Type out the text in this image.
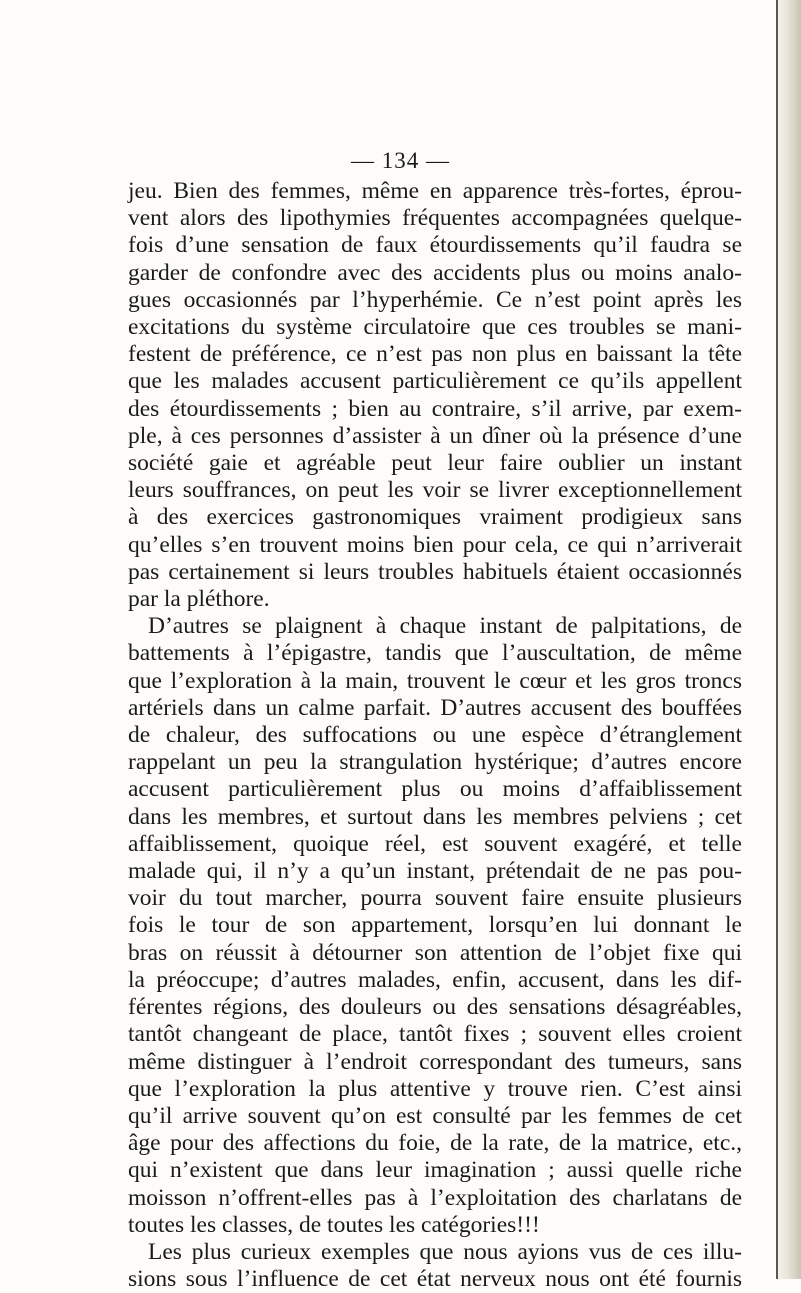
— 134 —

jeu. Bien des femmes, même en apparence très-fortes, éprou-

vent alors des lipothymies fréquentes accompagnées quelque-

fois d’une sensation de faux étourdissements qu’il faudra se

garder de confondre avec des accidents plus ou moins analo-

gues occasionnés par l’hyperhémie. Ce n’est point après les

excitations du système circulatoire que ces troubles se mani-

festent de préférence, ce n’est pas non plus en baissant la tête

que les malades accusent particulièrement ce qu’ils appellent

des étourdissements ; bien au contraire, s’il arrive, par exem-

ple, à ces personnes d’assister à un dîner où la présence d’une

société gaie et agréable peut leur faire oublier un instant

leurs souffrances, on peut les voir se livrer exceptionnellement

à des exercices gastronomiques vraiment prodigieux sans

qu’elles s’en trouvent moins bien pour cela, ce qui n’arriverait

pas certainement si leurs troubles habituels étaient occasionnés

par la pléthore.

D’autres se plaignent à chaque instant de palpitations, de

battements à l’épigastre, tandis que l’auscultation, de même

que l’exploration à la main, trouvent le cœur et les gros troncs

artériels dans un calme parfait. D’autres accusent des bouffées

de chaleur, des suffocations ou une espèce d’étranglement

rappelant un peu la strangulation hystérique; d’autres encore

accusent particulièrement plus ou moins d’affaiblissement

dans les membres, et surtout dans les membres pelviens ; cet

affaiblissement, quoique réel, est souvent exagéré, et telle

malade qui, il n’y a qu’un instant, prétendait de ne pas pou-

voir du tout marcher, pourra souvent faire ensuite plusieurs

fois le tour de son appartement, lorsqu’en lui donnant le

bras on réussit à détourner son attention de l’objet fixe qui

la préoccupe; d’autres malades, enfin, accusent, dans les dif-

férentes régions, des douleurs ou des sensations désagréables,

tantôt changeant de place, tantôt fixes ; souvent elles croient

même distinguer à l’endroit correspondant des tumeurs, sans

que l’exploration la plus attentive y trouve rien. C’est ainsi

qu’il arrive souvent qu’on est consulté par les femmes de cet

âge pour des affections du foie, de la rate, de la matrice, etc.,

qui n’existent que dans leur imagination ; aussi quelle riche

moisson n’offrent-elles pas à l’exploitation des charlatans de

toutes les classes, de toutes les catégories!!!

Les plus curieux exemples que nous ayions vus de ces illu-

sions sous l’influence de cet état nerveux nous ont été fournis
